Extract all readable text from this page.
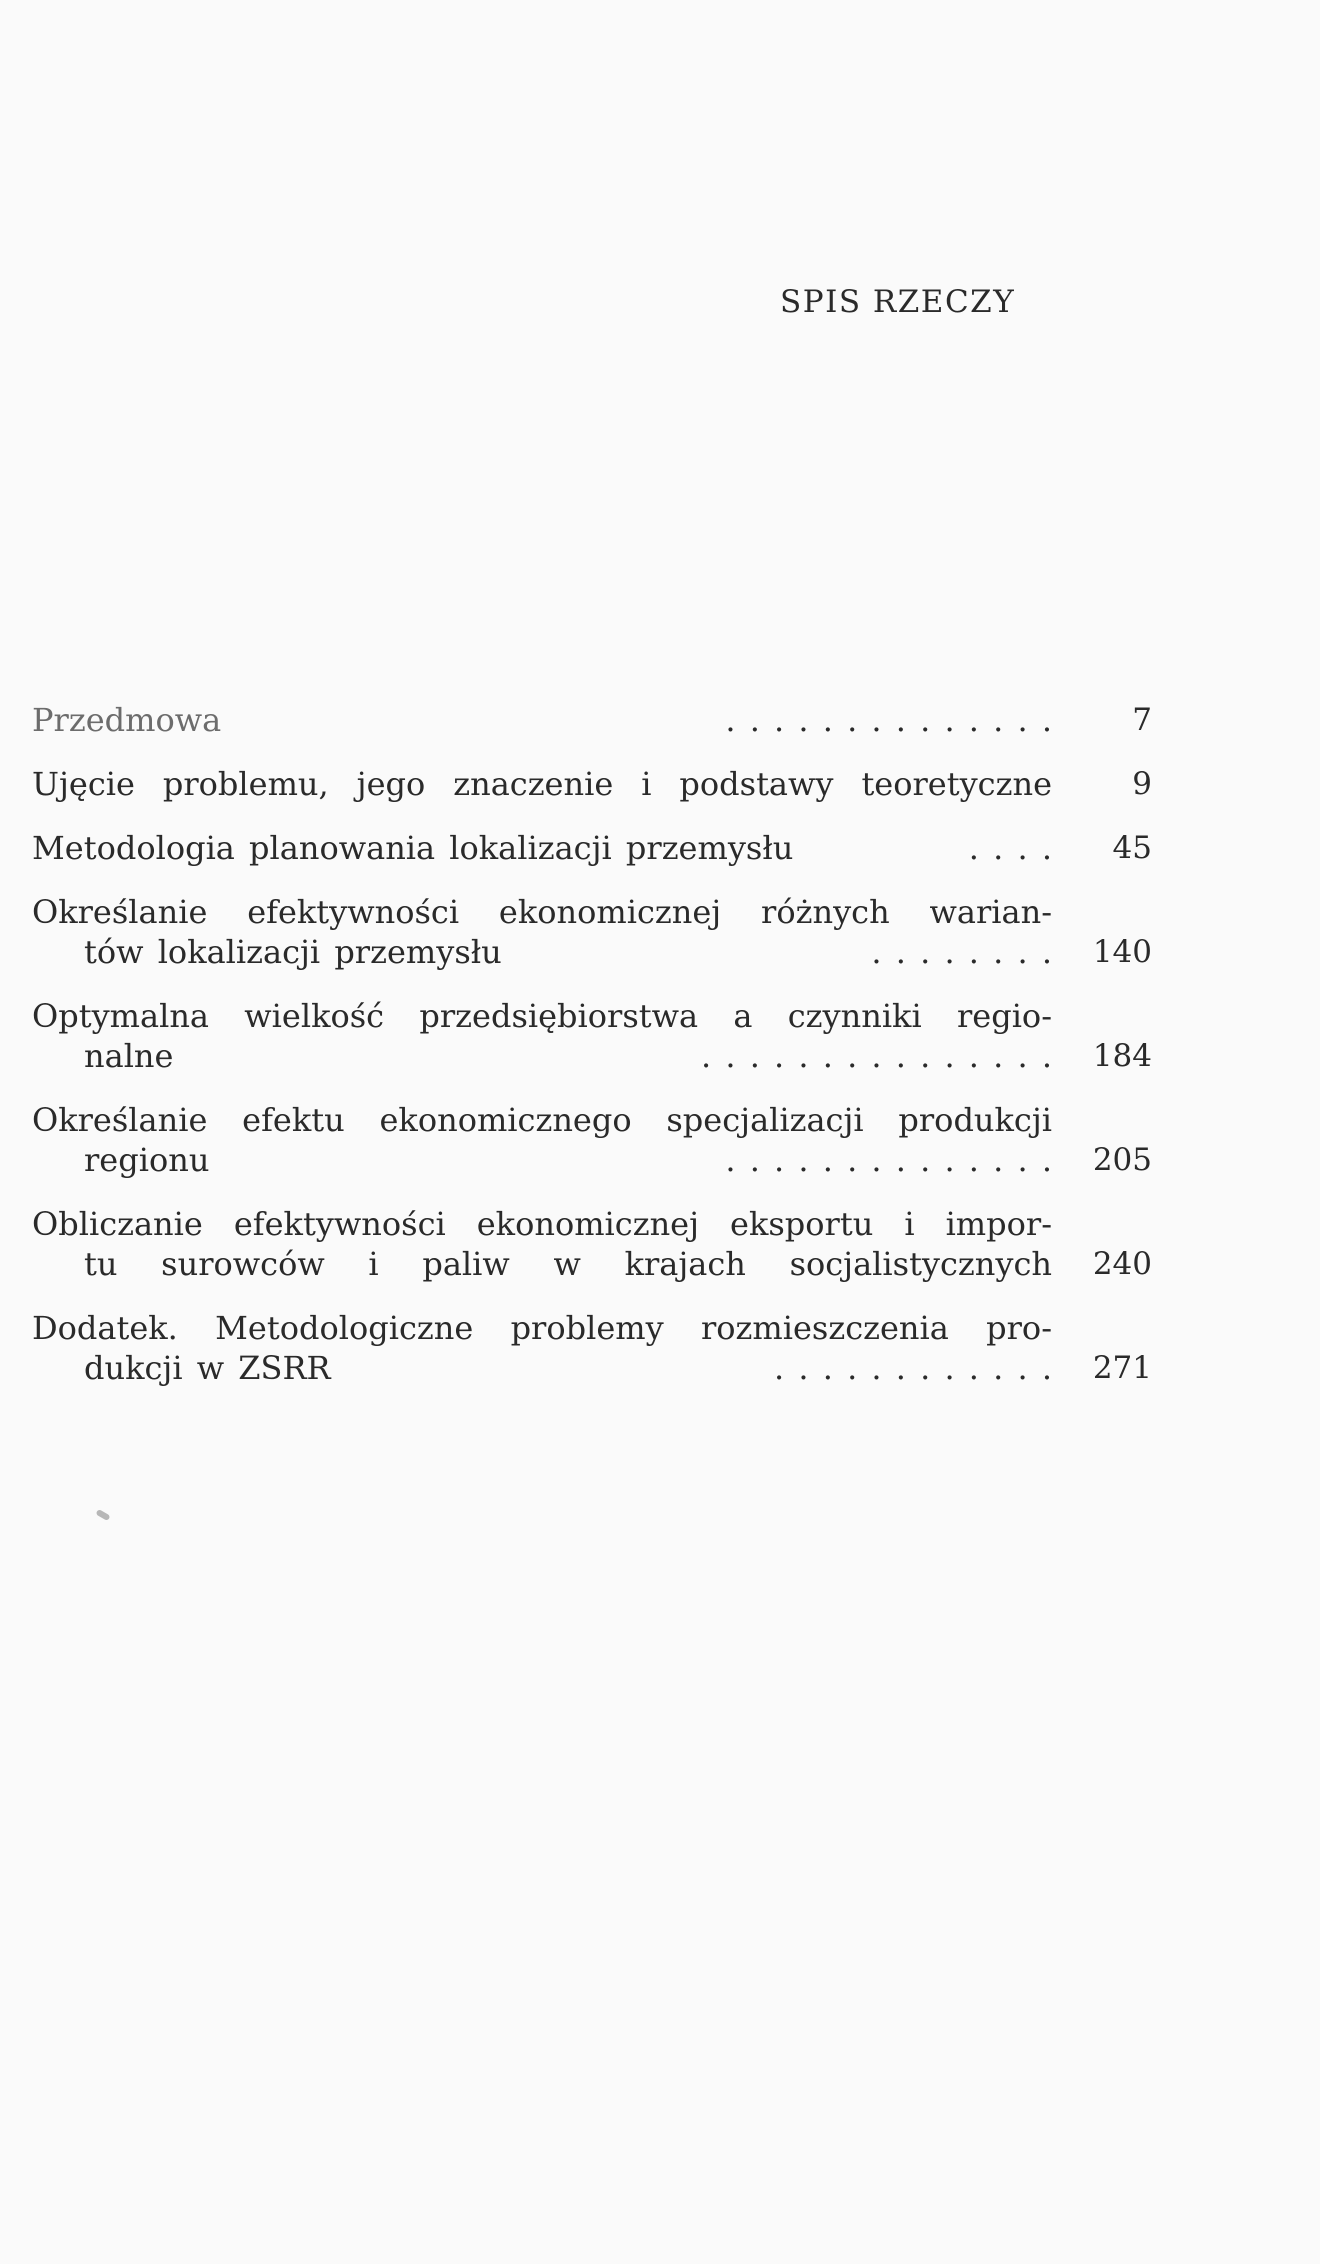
SPIS RZECZY
Przedmowa	. . . . . . . . . . . . . .	7
Ujęcie problemu, jego znaczenie i podstawy teoretyczne	9
Metodologia planowania lokalizacji przemysłu	. . . .	45
Określanie efektywności ekonomicznej różnych warian-
tów lokalizacji przemysłu	. . . . . . . .	140
Optymalna wielkość przedsiębiorstwa a czynniki regio-
nalne	. . . . . . . . . . . . . . .	184
Określanie efektu ekonomicznego specjalizacji produkcji
regionu	. . . . . . . . . . . . . .	205
Obliczanie efektywności ekonomicznej eksportu i impor-
tu surowców i paliw w krajach socjalistycznych	240
Dodatek. Metodologiczne problemy rozmieszczenia pro-
dukcji w ZSRR	. . . . . . . . . . . .	271
